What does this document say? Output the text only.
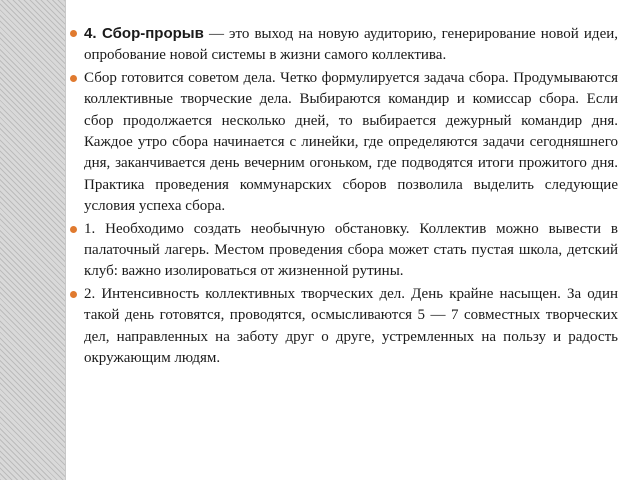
4. Сбор-прорыв — это выход на новую аудиторию, генерирование новой идеи, опробование новой системы в жизни самого коллектива.
Сбор готовится советом дела. Четко формулируется задача сбора. Продумываются коллективные творческие дела. Выбираются командир и комиссар сбора. Если сбор продолжается несколько дней, то выбирается дежурный командир дня. Каждое утро сбора начинается с линейки, где определяются задачи сегодняшнего дня, заканчивается день вечерним огоньком, где подводятся итоги прожитого дня. Практика проведения коммунарских сборов позволила выделить следующие условия успеха сбора.
1. Необходимо создать необычную обстановку. Коллектив можно вывести в палаточный лагерь. Местом проведения сбора может стать пустая школа, детский клуб: важно изолироваться от жизненной рутины.
2. Интенсивность коллективных творческих дел. День крайне насыщен. За один такой день готовятся, проводятся, осмысливаются 5 — 7 совместных творческих дел, направленных на заботу друг о друге, устремленных на пользу и радость окружающим людям.
